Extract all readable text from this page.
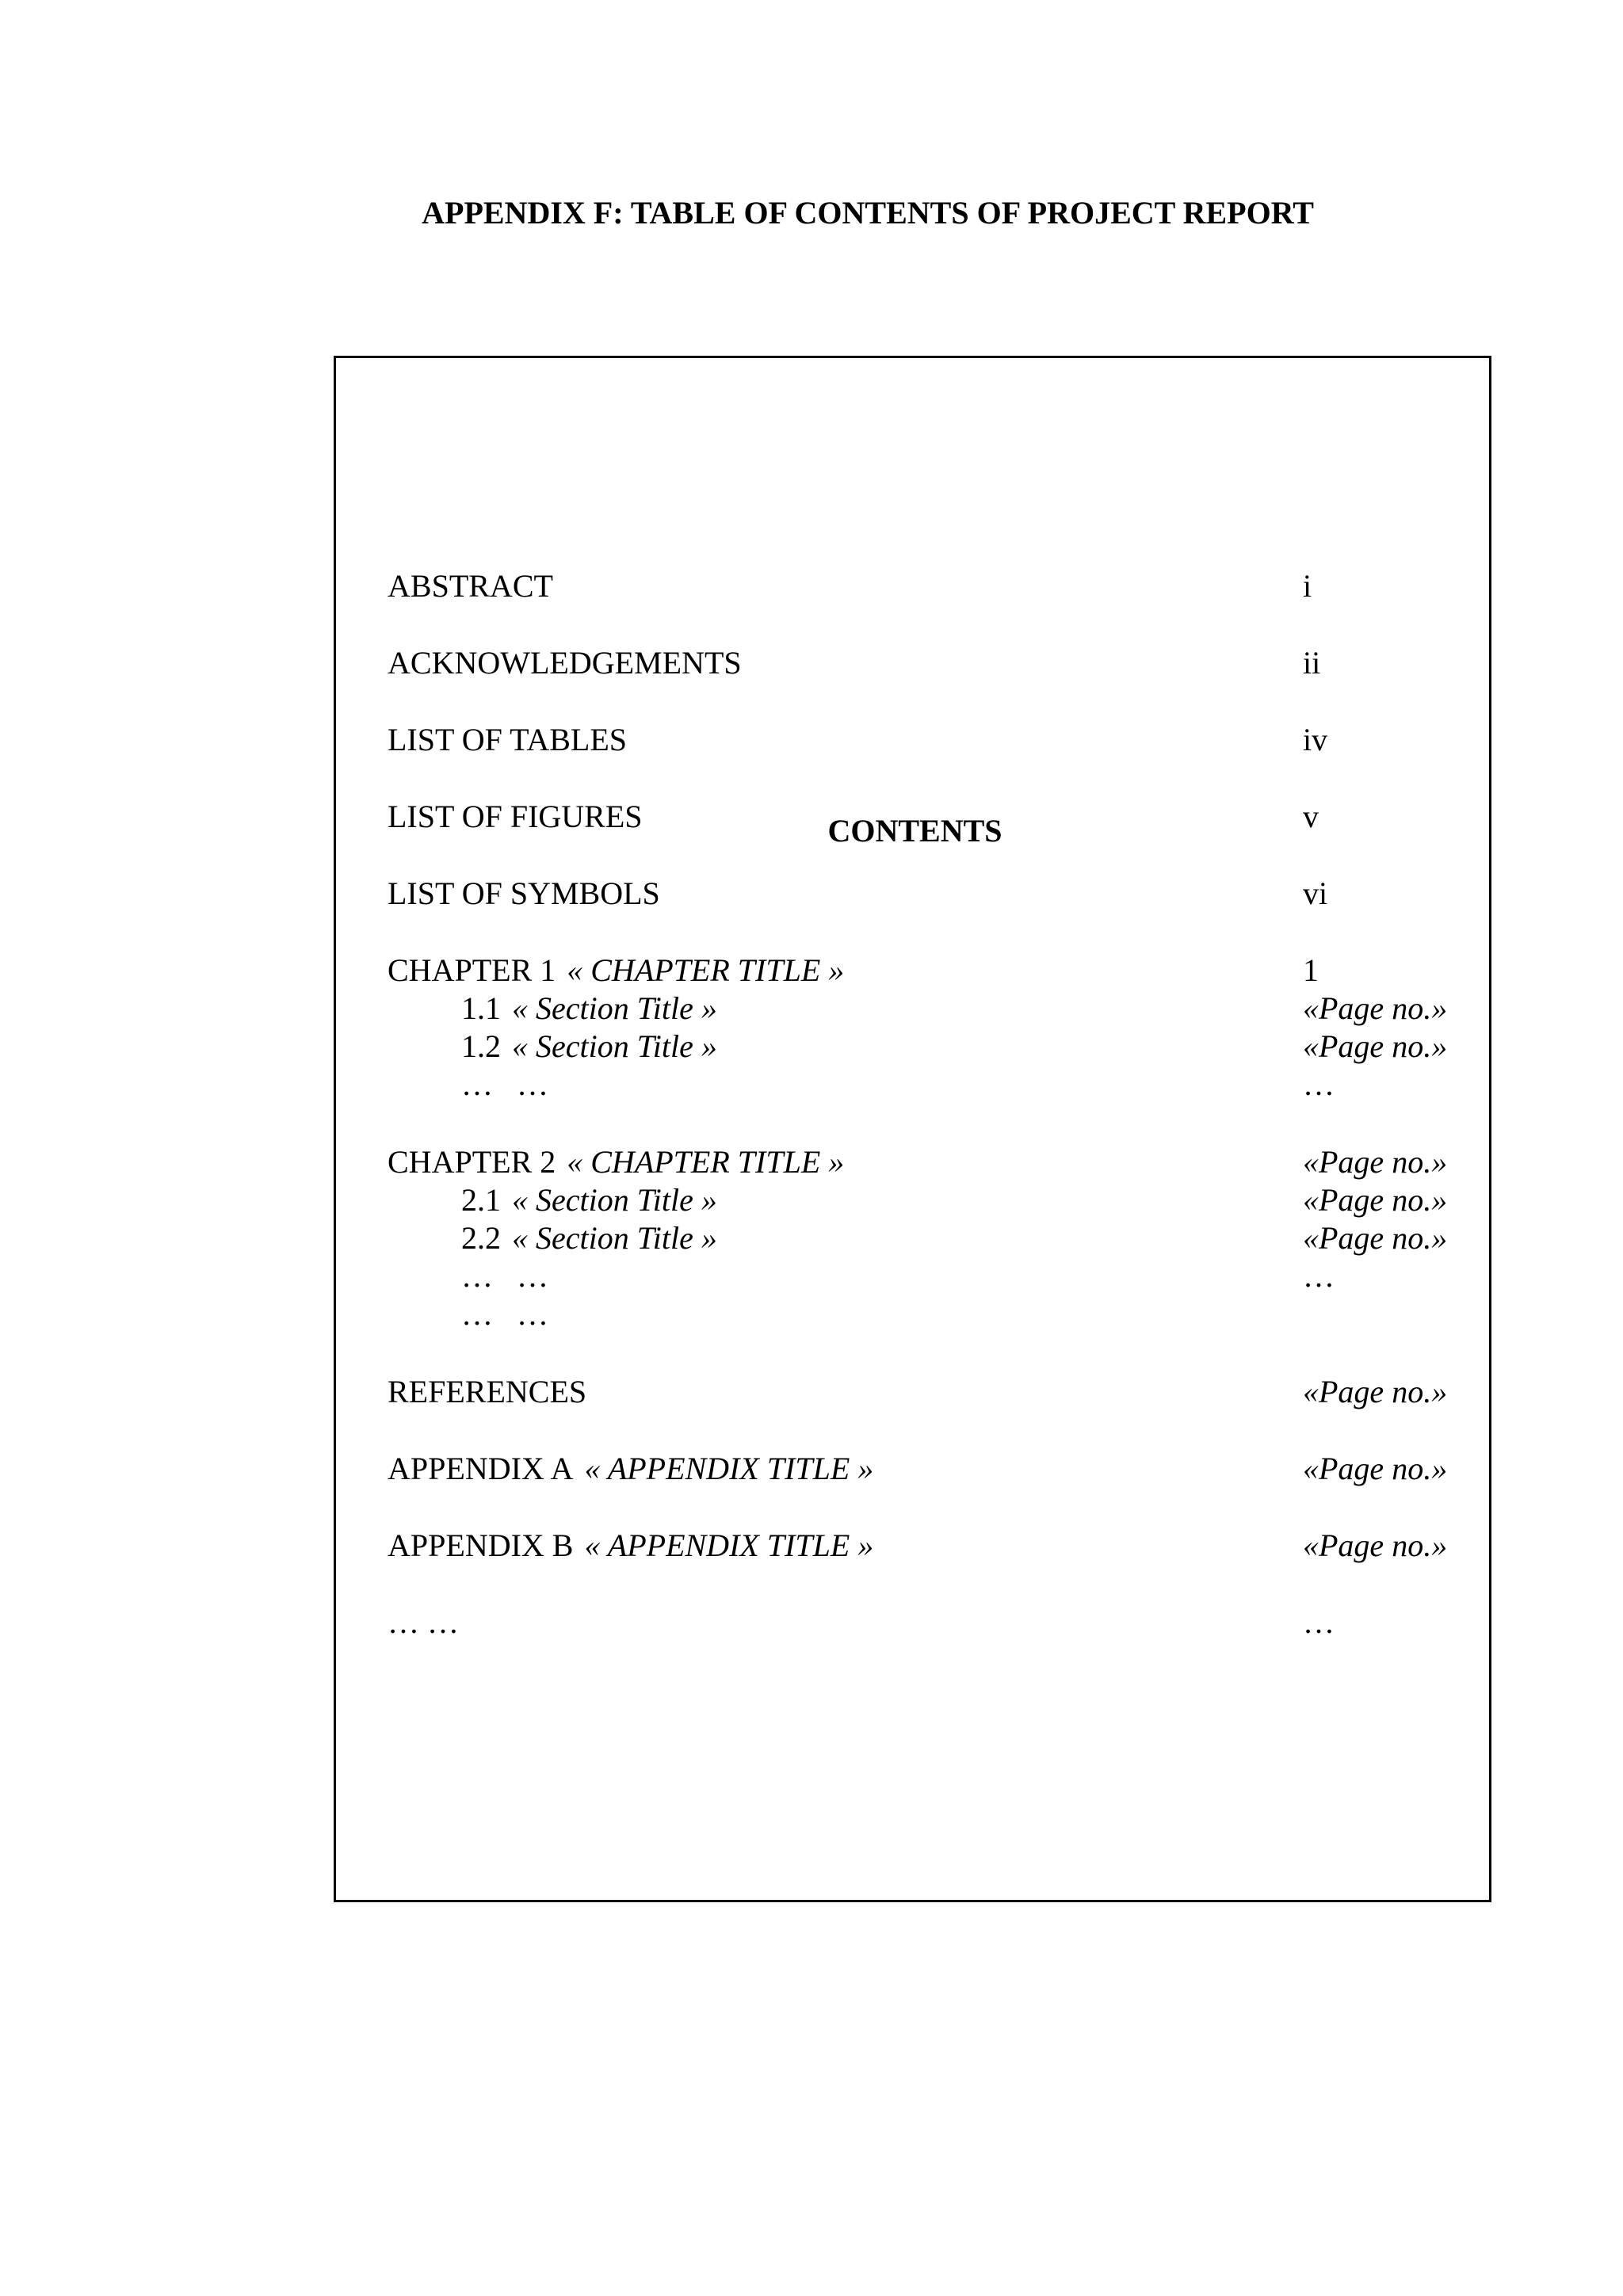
APPENDIX F: TABLE OF CONTENTS OF PROJECT REPORT
CONTENTS
ABSTRACT	i
ACKNOWLEDGEMENTS	ii
LIST OF TABLES	iv
LIST OF FIGURES	v
LIST OF SYMBOLS	vi
CHAPTER 1 « CHAPTER TITLE »	1
1.1 « Section Title »	«Page no.»
1.2 « Section Title »	«Page no.»
…   …	…
CHAPTER 2 « CHAPTER TITLE »	«Page no.»
2.1 « Section Title »	«Page no.»
2.2 « Section Title »	«Page no.»
…   …	…
…   …
REFERENCES	«Page no.»
APPENDIX A « APPENDIX TITLE »	«Page no.»
APPENDIX B « APPENDIX TITLE »	«Page no.»
… …	…
